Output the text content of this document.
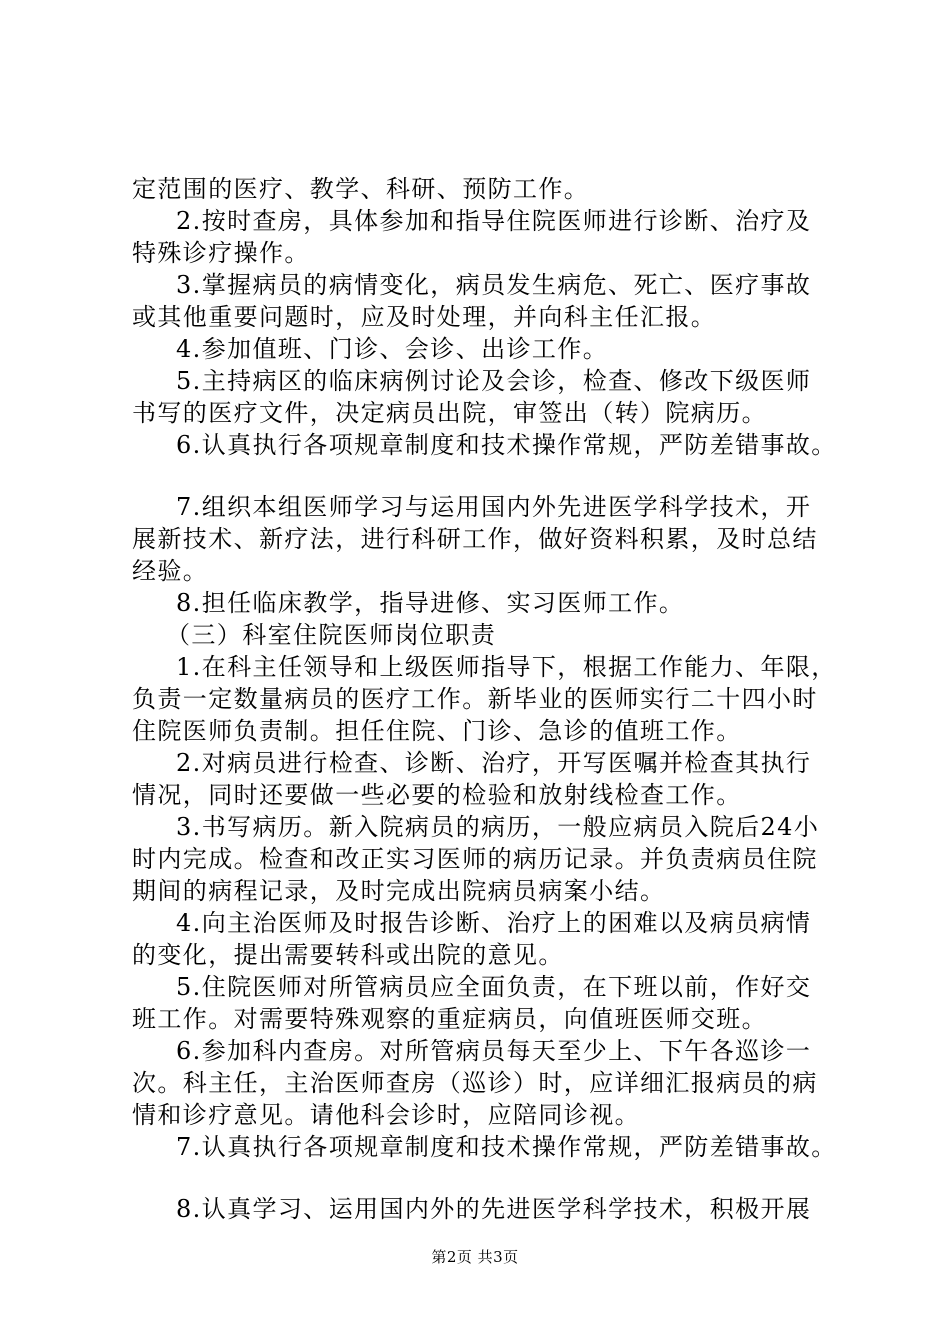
定范围的医疗、教学、科研、预防工作。
2.按时查房，具体参加和指导住院医师进行诊断、治疗及
特殊诊疗操作。
3.掌握病员的病情变化，病员发生病危、死亡、医疗事故
或其他重要问题时，应及时处理，并向科主任汇报。
4.参加值班、门诊、会诊、出诊工作。
5.主持病区的临床病例讨论及会诊，检查、修改下级医师
书写的医疗文件，决定病员出院，审签出（转）院病历。
6.认真执行各项规章制度和技术操作常规，严防差错事故。
7.组织本组医师学习与运用国内外先进医学科学技术，开
展新技术、新疗法，进行科研工作，做好资料积累，及时总结
经验。
8.担任临床教学，指导进修、实习医师工作。
（三）科室住院医师岗位职责
1.在科主任领导和上级医师指导下，根据工作能力、年限，
负责一定数量病员的医疗工作。新毕业的医师实行二十四小时
住院医师负责制。担任住院、门诊、急诊的值班工作。
2.对病员进行检查、诊断、治疗，开写医嘱并检查其执行
情况，同时还要做一些必要的检验和放射线检查工作。
3.书写病历。新入院病员的病历，一般应病员入院后24小
时内完成。检查和改正实习医师的病历记录。并负责病员住院
期间的病程记录，及时完成出院病员病案小结。
4.向主治医师及时报告诊断、治疗上的困难以及病员病情
的变化，提出需要转科或出院的意见。
5.住院医师对所管病员应全面负责，在下班以前，作好交
班工作。对需要特殊观察的重症病员，向值班医师交班。
6.参加科内查房。对所管病员每天至少上、下午各巡诊一
次。科主任，主治医师查房（巡诊）时，应详细汇报病员的病
情和诊疗意见。请他科会诊时，应陪同诊视。
7.认真执行各项规章制度和技术操作常规，严防差错事故。
8.认真学习、运用国内外的先进医学科学技术，积极开展
第2页 共3页
